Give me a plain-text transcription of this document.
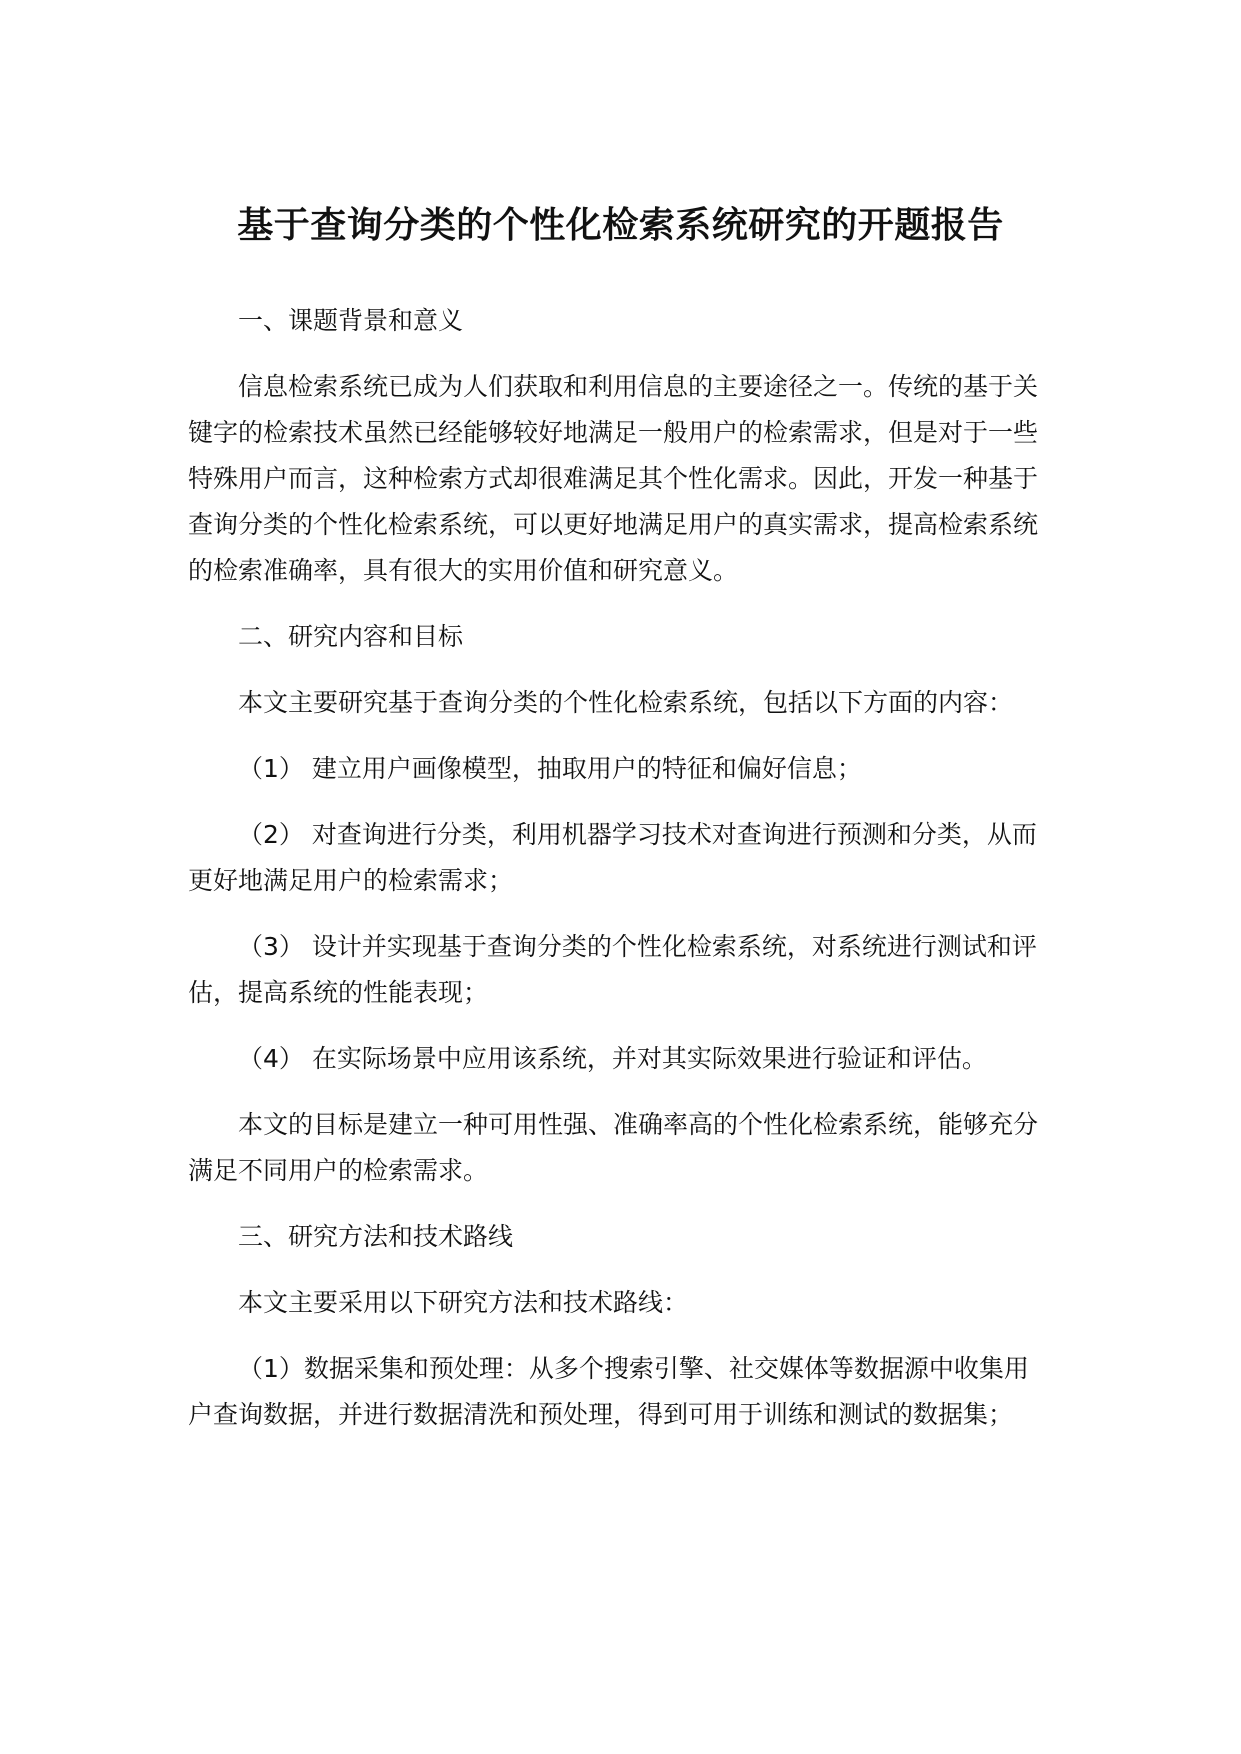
基于查询分类的个性化检索系统研究的开题报告

一、课题背景和意义

信息检索系统已成为人们获取和利用信息的主要途径之一。传统的基于关键字的检索技术虽然已经能够较好地满足一般用户的检索需求，但是对于一些特殊用户而言，这种检索方式却很难满足其个性化需求。因此，开发一种基于查询分类的个性化检索系统，可以更好地满足用户的真实需求，提高检索系统的检索准确率，具有很大的实用价值和研究意义。

二、研究内容和目标

本文主要研究基于查询分类的个性化检索系统，包括以下方面的内容：

（1） 建立用户画像模型，抽取用户的特征和偏好信息；

（2） 对查询进行分类，利用机器学习技术对查询进行预测和分类，从而更好地满足用户的检索需求；

（3） 设计并实现基于查询分类的个性化检索系统，对系统进行测试和评估，提高系统的性能表现；

（4） 在实际场景中应用该系统，并对其实际效果进行验证和评估。

本文的目标是建立一种可用性强、准确率高的个性化检索系统，能够充分满足不同用户的检索需求。

三、研究方法和技术路线

本文主要采用以下研究方法和技术路线：

（1）数据采集和预处理：从多个搜索引擎、社交媒体等数据源中收集用户查询数据，并进行数据清洗和预处理，得到可用于训练和测试的数据集；
